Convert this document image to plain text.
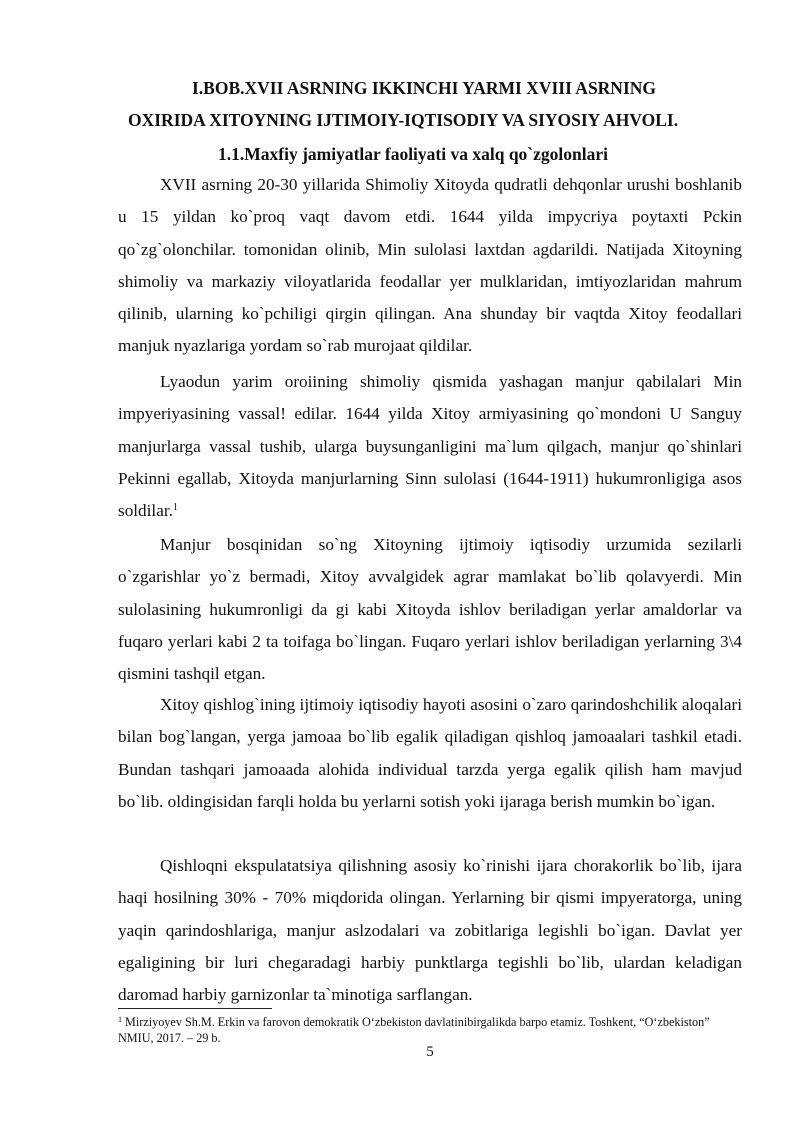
I.BOB.XVII ASRNING IKKINCHI YARMI XVIII ASRNING
OXIRIDA XITOYNING IJTIMOIY-IQTISODIY VA SIYOSIY AHVOLI.
1.1.Maxfiy jamiyatlar faoliyati va xalq qo`zgolonlari

XVII asrning 20-30 yillarida Shimoliy Xitoyda qudratli dehqonlar urushi boshlanib u 15 yildan ko`proq vaqt davom etdi. 1644 yilda impycriya poytaxti Pckin qo`zg`olonchilar. tomonidan olinib, Min sulolasi laxtdan agdarildi. Natijada Xitoyning shimoliy va markaziy viloyatlarida feodallar yer mulklaridan, imtiyozlaridan mahrum qilinib, ularning ko`pchiligi qirgin qilingan. Ana shunday bir vaqtda Xitoy feodallari manjuk nyazlariga yordam so`rab murojaat qildilar.

Lyaodun yarim oroiining shimoliy qismida yashagan manjur qabilalari Min impyeriyasining vassal! edilar. 1644 yilda Xitoy armiyasining qo`mondoni U Sanguy manjurlarga vassal tushib, ularga buysunganligini ma`lum qilgach, manjur qo`shinlari Pekinni egallab, Xitoyda manjurlarning Sinn sulolasi (1644-1911) hukumronligiga asos soldilar.$^1$

Manjur bosqinidan so`ng Xitoyning ijtimoiy iqtisodiy urzumida sezilarli o`zgarishlar yo`z bermadi, Xitoy avvalgidek agrar mamlakat bo`lib qolavyerdi. Min sulolasining hukumronligi da gi kabi Xitoyda ishlov beriladigan yerlar amaldorlar va fuqaro yerlari kabi 2 ta toifaga bo`lingan. Fuqaro yerlari ishlov beriladigan yerlarning 3\4 qismini tashqil etgan.

Xitoy qishlog`ining ijtimoiy iqtisodiy hayoti asosini o`zaro qarindoshchilik aloqalari bilan bog`langan, yerga jamoaa bo`lib egalik qiladigan qishloq jamoaalari tashkil etadi. Bundan tashqari jamoaada alohida individual tarzda yerga egalik qilish ham mavjud bo`lib. oldingisidan farqli holda bu yerlarni sotish yoki ijaraga berish mumkin bo`igan.

Qishloqni ekspulatatsiya qilishning asosiy ko`rinishi ijara chorakorlik bo`lib, ijara haqi hosilning 30% - 70% miqdorida olingan. Yerlarning bir qismi impyeratorga, uning yaqin qarindoshlariga, manjur aslzodalari va zobitlariga legishli bo`igan. Davlat yer egaligining bir luri chegaradagi harbiy punktlarga tegishli bo`lib, ulardan keladigan daromad harbiy garnizonlar ta`minotiga sarflangan.

$^1$ Mirziyoyev Sh.M. Erkin va farovon demokratik O‘zbekiston davlatinibirgalikda barpo etamiz. Toshkent, “O‘zbekiston” NMIU, 2017. – 29 b.

5
